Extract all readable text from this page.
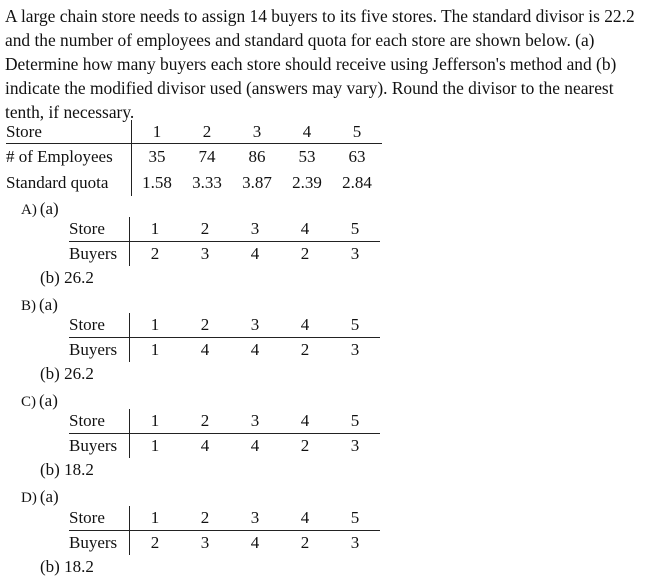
A large chain store needs to assign 14 buyers to its five stores. The standard divisor is 22.2 and the number of employees and standard quota for each store are shown below. (a) Determine how many buyers each store should receive using Jefferson's method and (b) indicate the modified divisor used (answers may vary). Round the divisor to the nearest tenth, if necessary.
Store	1	2	3	4	5
# of Employees	35	74	86	53	63
Standard quota	1.58	3.33	3.87	2.39	2.84
A) (a)
Store	1	2	3	4	5
Buyers	2	3	4	2	3
(b) 26.2
B) (a)
Store	1	2	3	4	5
Buyers	1	4	4	2	3
(b) 26.2
C) (a)
Store	1	2	3	4	5
Buyers	1	4	4	2	3
(b) 18.2
D) (a)
Store	1	2	3	4	5
Buyers	2	3	4	2	3
(b) 18.2
